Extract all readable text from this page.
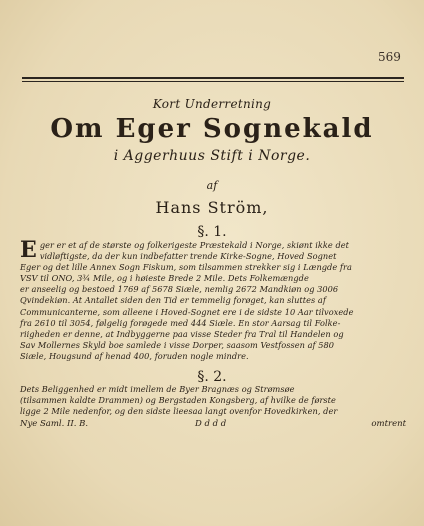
569
Kort Underretning
Om Eger Sognekald
i Aggerhuus Stift i Norge.
af
Hans Ström,
§. 1.
E ger er et af de største og folkerigeste Præstekald i Norge, skiønt ikke det
vidløftigste, da der kun indbefatter trende Kirke-Sogne, Hoved Sognet
Eger og det lille Annex Sogn Fiskum, som tilsammen strekker sig i Længde fra
VSV til ONO, 3¾ Mile, og i høieste Brede 2 Mile. Dets Folkemængde
er anseelig og bestoed 1769 af 5678 Siæle, nemlig 2672 Mandkiøn og 3006
Qvindekiøn. At Antallet siden den Tid er temmelig forøget, kan sluttes af
Communicanterne, som alleene i Hoved-Sognet ere i de sidste 10 Aar tilvoxede
fra 2610 til 3054, følgelig forøgede med 444 Siæle. En stor Aarsag til Folke-
riigheden er denne, at Indbyggerne paa visse Steder fra Tral til Handelen og
Sav Mollernes Skyld boe samlede i visse Dorper, saasom Vestfossen af 580
Siæle, Hougsund af henad 400, foruden nogle mindre.
§. 2.
Dets Beliggenhed er midt imellem de Byer Bragnæs og Strømsøe
(tilsammen kaldte Drammen) og Bergstaden Kongsberg, af hvilke de første
ligge 2 Mile nedenfor, og den sidste lieesaa langt ovenfor Hovedkirken, der
Nye Saml. II. B.	D d d d	omtrent
